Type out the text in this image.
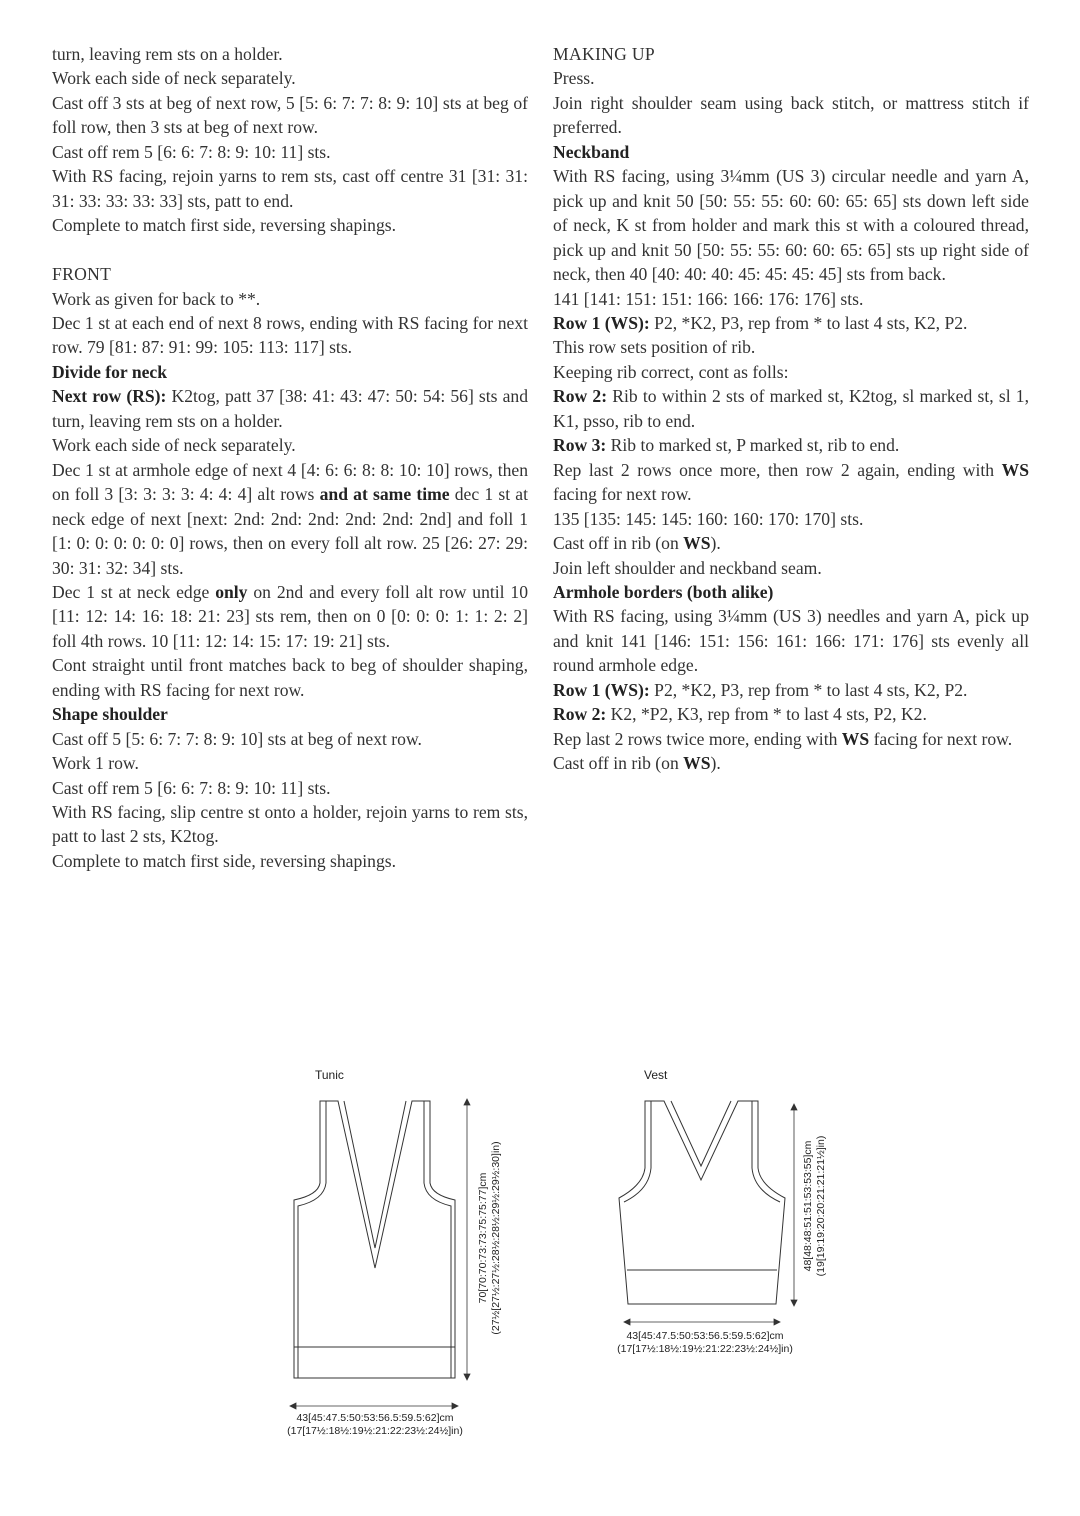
turn, leaving rem sts on a holder.

Work each side of neck separately.

Cast off 3 sts at beg of next row, 5 [5: 6: 7: 7: 8: 9: 10] sts at beg of foll row, then 3 sts at beg of next row.

Cast off rem 5 [6: 6: 7: 8: 9: 10: 11] sts.

With RS facing, rejoin yarns to rem sts, cast off centre 31 [31: 31: 31: 33: 33: 33: 33] sts, patt to end.

Complete to match first side, reversing shapings.

FRONT

Work as given for back to **.

Dec 1 st at each end of next 8 rows, ending with RS facing for next row. 79 [81: 87: 91: 99: 105: 113: 117] sts.

Divide for neck

Next row (RS): K2tog, patt 37 [38: 41: 43: 47: 50: 54: 56] sts and turn, leaving rem sts on a holder.

Work each side of neck separately.

Dec 1 st at armhole edge of next 4 [4: 6: 6: 8: 8: 10: 10] rows, then on foll 3 [3: 3: 3: 3: 4: 4: 4] alt rows and at same time dec 1 st at neck edge of next [next: 2nd: 2nd: 2nd: 2nd: 2nd: 2nd] and foll 1 [1: 0: 0: 0: 0: 0: 0] rows, then on every foll alt row. 25 [26: 27: 29: 30: 31: 32: 34] sts.

Dec 1 st at neck edge only on 2nd and every foll alt row until 10 [11: 12: 14: 16: 18: 21: 23] sts rem, then on 0 [0: 0: 0: 1: 1: 2: 2] foll 4th rows. 10 [11: 12: 14: 15: 17: 19: 21] sts.

Cont straight until front matches back to beg of shoulder shaping, ending with RS facing for next row.

Shape shoulder

Cast off 5 [5: 6: 7: 7: 8: 9: 10] sts at beg of next row.

Work 1 row.

Cast off rem 5 [6: 6: 7: 8: 9: 10: 11] sts.

With RS facing, slip centre st onto a holder, rejoin yarns to rem sts, patt to last 2 sts, K2tog.

Complete to match first side, reversing shapings.

MAKING UP

Press.

Join right shoulder seam using back stitch, or mattress stitch if preferred.

Neckband

With RS facing, using 3¼mm (US 3) circular needle and yarn A, pick up and knit 50 [50: 55: 55: 60: 60: 65: 65] sts down left side of neck, K st from holder and mark this st with a coloured thread, pick up and knit 50 [50: 55: 55: 60: 60: 65: 65] sts up right side of neck, then 40 [40: 40: 40: 45: 45: 45: 45] sts from back.

141 [141: 151: 151: 166: 166: 176: 176] sts.

Row 1 (WS): P2, *K2, P3, rep from * to last 4 sts, K2, P2.

This row sets position of rib.

Keeping rib correct, cont as folls:

Row 2: Rib to within 2 sts of marked st, K2tog, sl marked st, sl 1, K1, psso, rib to end.

Row 3: Rib to marked st, P marked st, rib to end.

Rep last 2 rows once more, then row 2 again, ending with WS facing for next row.

135 [135: 145: 145: 160: 160: 170: 170] sts.

Cast off in rib (on WS).

Join left shoulder and neckband seam.

Armhole borders (both alike)

With RS facing, using 3¼mm (US 3) needles and yarn A, pick up and knit 141 [146: 151: 156: 161: 166: 171: 176] sts evenly all round armhole edge.

Row 1 (WS): P2, *K2, P3, rep from * to last 4 sts, K2, P2.

Row 2: K2, *P2, K3, rep from * to last 4 sts, P2, K2.

Rep last 2 rows twice more, ending with WS facing for next row.

Cast off in rib (on WS).

Tunic
43[45:47.5:50:53:56.5:59.5:62]cm
(17[17½:18½:19½:21:22:23½:24½]in)
70[70:70:73:73:75:75:77]cm (27½[27½:27½:28½:28½:29½:29½:30]in)
Vest
43[45:47.5:50:53:56.5:59.5:62]cm
(17[17½:18½:19½:21:22:23½:24½]in)
48[48:48:51:51:53:53:55]cm (19[19:19:20:20:21:21:21½]in)
